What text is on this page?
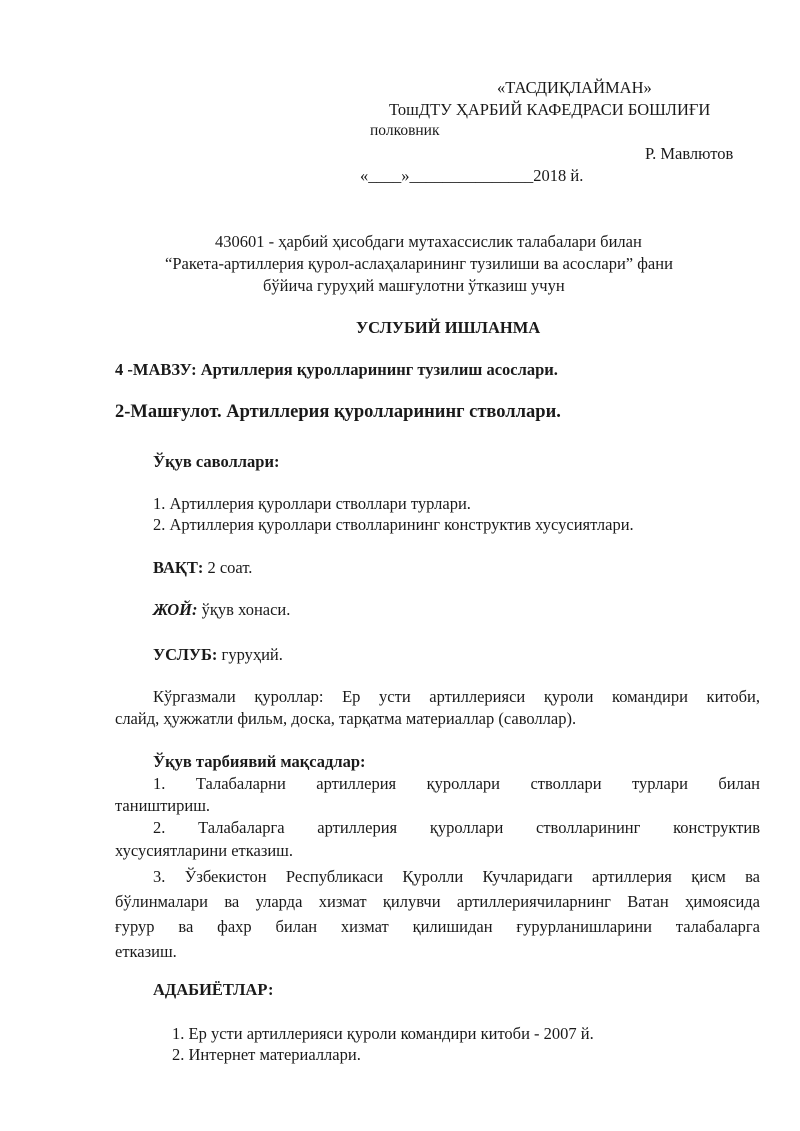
«ТАСДИҚЛАЙМАН»
ТошДТУ ҲАРБИЙ КАФЕДРАСИ БОШЛИҒИ
полковник
Р. Мавлютов
«____»_______________2018 й.
430601 - ҳарбий ҳисобдаги мутахассислик талабалари билан
“Ракета-артиллерия қурол-аслаҳаларининг тузилиши ва асослари” фани
бўйича гуруҳий машғулотни ўтказиш учун
УСЛУБИЙ ИШЛАНМА
4 -МАВЗУ: Артиллерия қуролларининг тузилиш асослари.
2-Машғулот. Артиллерия қуролларининг стволлари.
Ўқув саволлари:
1. Артиллерия қуроллари стволлари турлари.
2. Артиллерия қуроллари стволларининг конструктив хусусиятлари.
ВАҚТ: 2 соат.
ЖОЙ: ўқув хонаси.
УСЛУБ: гуруҳий.
Кўргазмали қуроллар: Ер усти артиллерияси қуроли командири китоби,
слайд, ҳужжатли фильм, доска, тарқатма материаллар (саволлар).
Ўқув тарбиявий мақсадлар:
1. Талабаларни артиллерия қуроллари стволлари турлари билан
таништириш.
2. Талабаларга артиллерия қуроллари стволларининг конструктив
хусусиятларини етказиш.
3. Ўзбекистон Республикаси Қуролли Кучларидаги артиллерия қисм ва
бўлинмалари ва уларда хизмат қилувчи артиллериячиларнинг Ватан ҳимоясида
ғурур ва фахр билан хизмат қилишидан ғурурланишларини талабаларга
етказиш.
АДАБИЁТЛАР:
1. Ер усти артиллерияси қуроли командири китоби - 2007 й.
2. Интернет материаллари.
